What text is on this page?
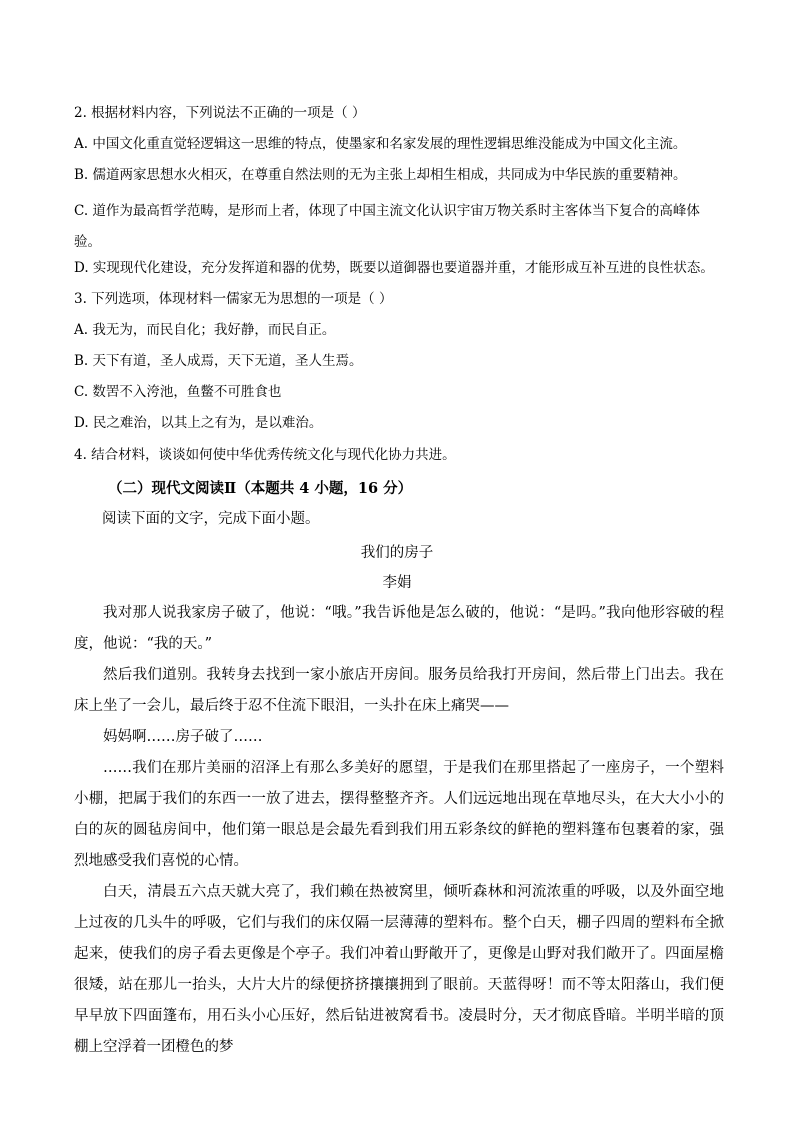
2. 根据材料内容，下列说法不正确的一项是（ ）

A. 中国文化重直觉轻逻辑这一思维的特点，使墨家和名家发展的理性逻辑思维没能成为中国文化主流。

B. 儒道两家思想水火相灭，在尊重自然法则的无为主张上却相生相成，共同成为中华民族的重要精神。

C. 道作为最高哲学范畴，是形而上者，体现了中国主流文化认识宇宙万物关系时主客体当下复合的高峰体验。

D. 实现现代化建设，充分发挥道和器的优势，既要以道御器也要道器并重，才能形成互补互进的良性状态。

3. 下列选项，体现材料一儒家无为思想的一项是（ ）

A. 我无为，而民自化；我好静，而民自正。

B. 天下有道，圣人成焉，天下无道，圣人生焉。

C. 数罟不入洿池，鱼鳖不可胜食也

D. 民之难治，以其上之有为，是以难治。

4. 结合材料，谈谈如何使中华优秀传统文化与现代化协力共进。

（二）现代文阅读Ⅱ（本题共 4 小题，16 分）

阅读下面的文字，完成下面小题。

我们的房子

李娟

我对那人说我家房子破了，他说：“哦。”我告诉他是怎么破的，他说：“是吗。”我向他形容破的程度，他说：“我的天。”

然后我们道别。我转身去找到一家小旅店开房间。服务员给我打开房间，然后带上门出去。我在床上坐了一会儿，最后终于忍不住流下眼泪，一头扑在床上痛哭——

妈妈啊……房子破了……

……我们在那片美丽的沼泽上有那么多美好的愿望，于是我们在那里搭起了一座房子，一个塑料小棚，把属于我们的东西一一放了进去，摆得整整齐齐。人们远远地出现在草地尽头，在大大小小的白的灰的圆毡房间中，他们第一眼总是会最先看到我们用五彩条纹的鲜艳的塑料篷布包裹着的家，强烈地感受我们喜悦的心情。

白天，清晨五六点天就大亮了，我们赖在热被窝里，倾听森林和河流浓重的呼吸，以及外面空地上过夜的几头牛的呼吸，它们与我们的床仅隔一层薄薄的塑料布。整个白天，棚子四周的塑料布全掀起来，使我们的房子看去更像是个亭子。我们冲着山野敞开了，更像是山野对我们敞开了。四面屋檐很矮，站在那儿一抬头，大片大片的绿便挤挤攘攘拥到了眼前。天蓝得呀！而不等太阳落山，我们便早早放下四面篷布，用石头小心压好，然后钻进被窝看书。凌晨时分，天才彻底昏暗。半明半暗的顶棚上空浮着一团橙色的梦
